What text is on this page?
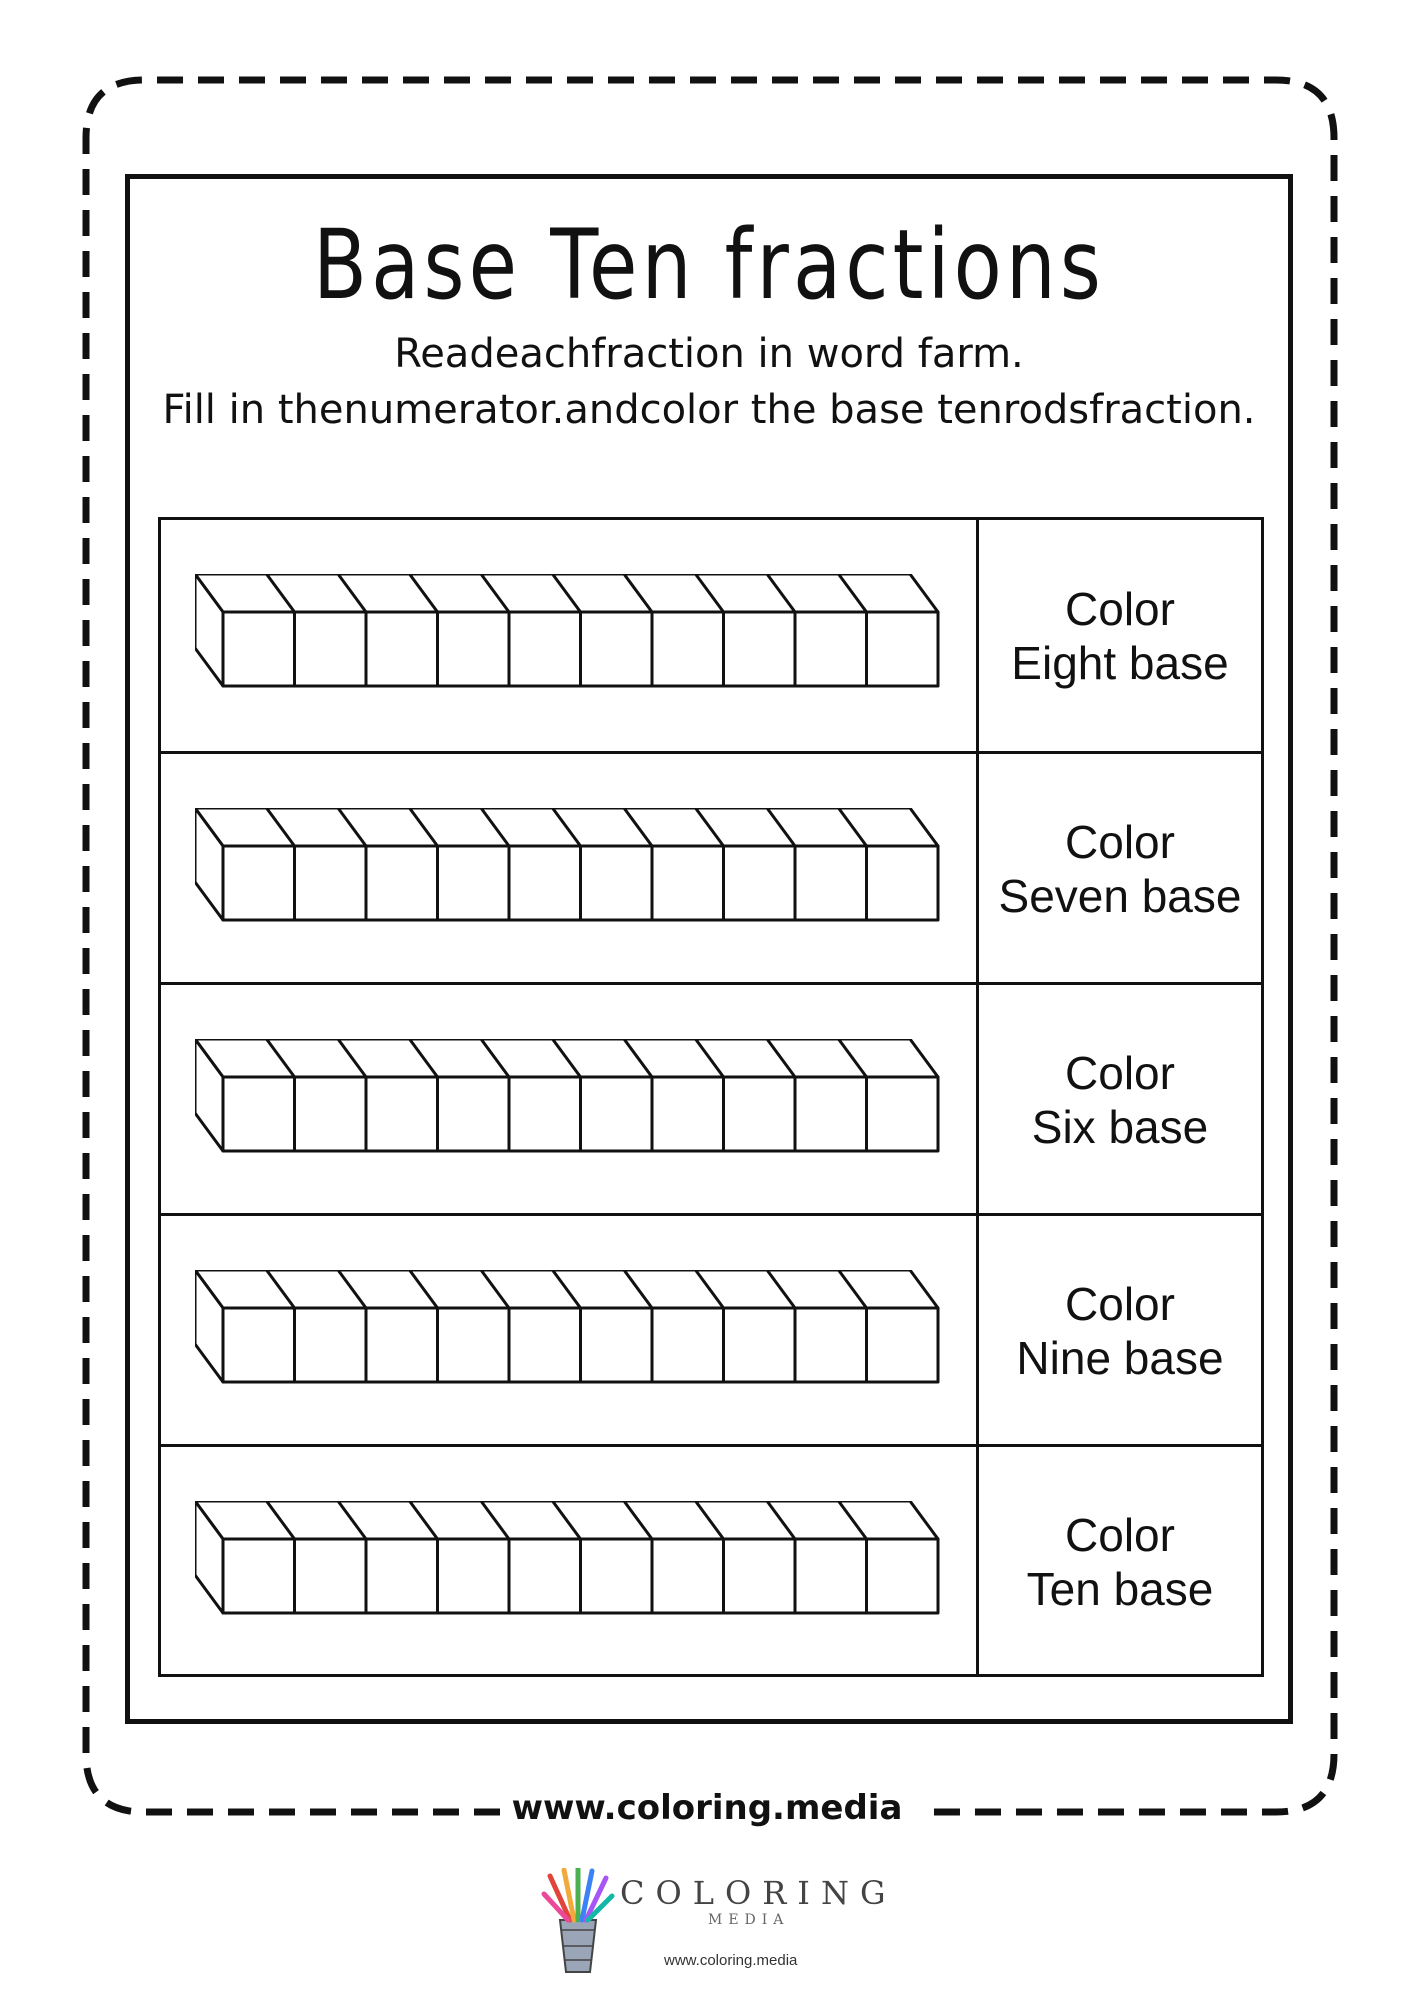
Base Ten fractions
Readeachfraction in word farm.
Fill in thenumerator.andcolor the base tenrodsfraction.
Color
Eight base
Color
Seven base
Color
Six base
Color
Nine base
Color
Ten base
www.coloring.media
COLORING
MEDIA
www.coloring.media
